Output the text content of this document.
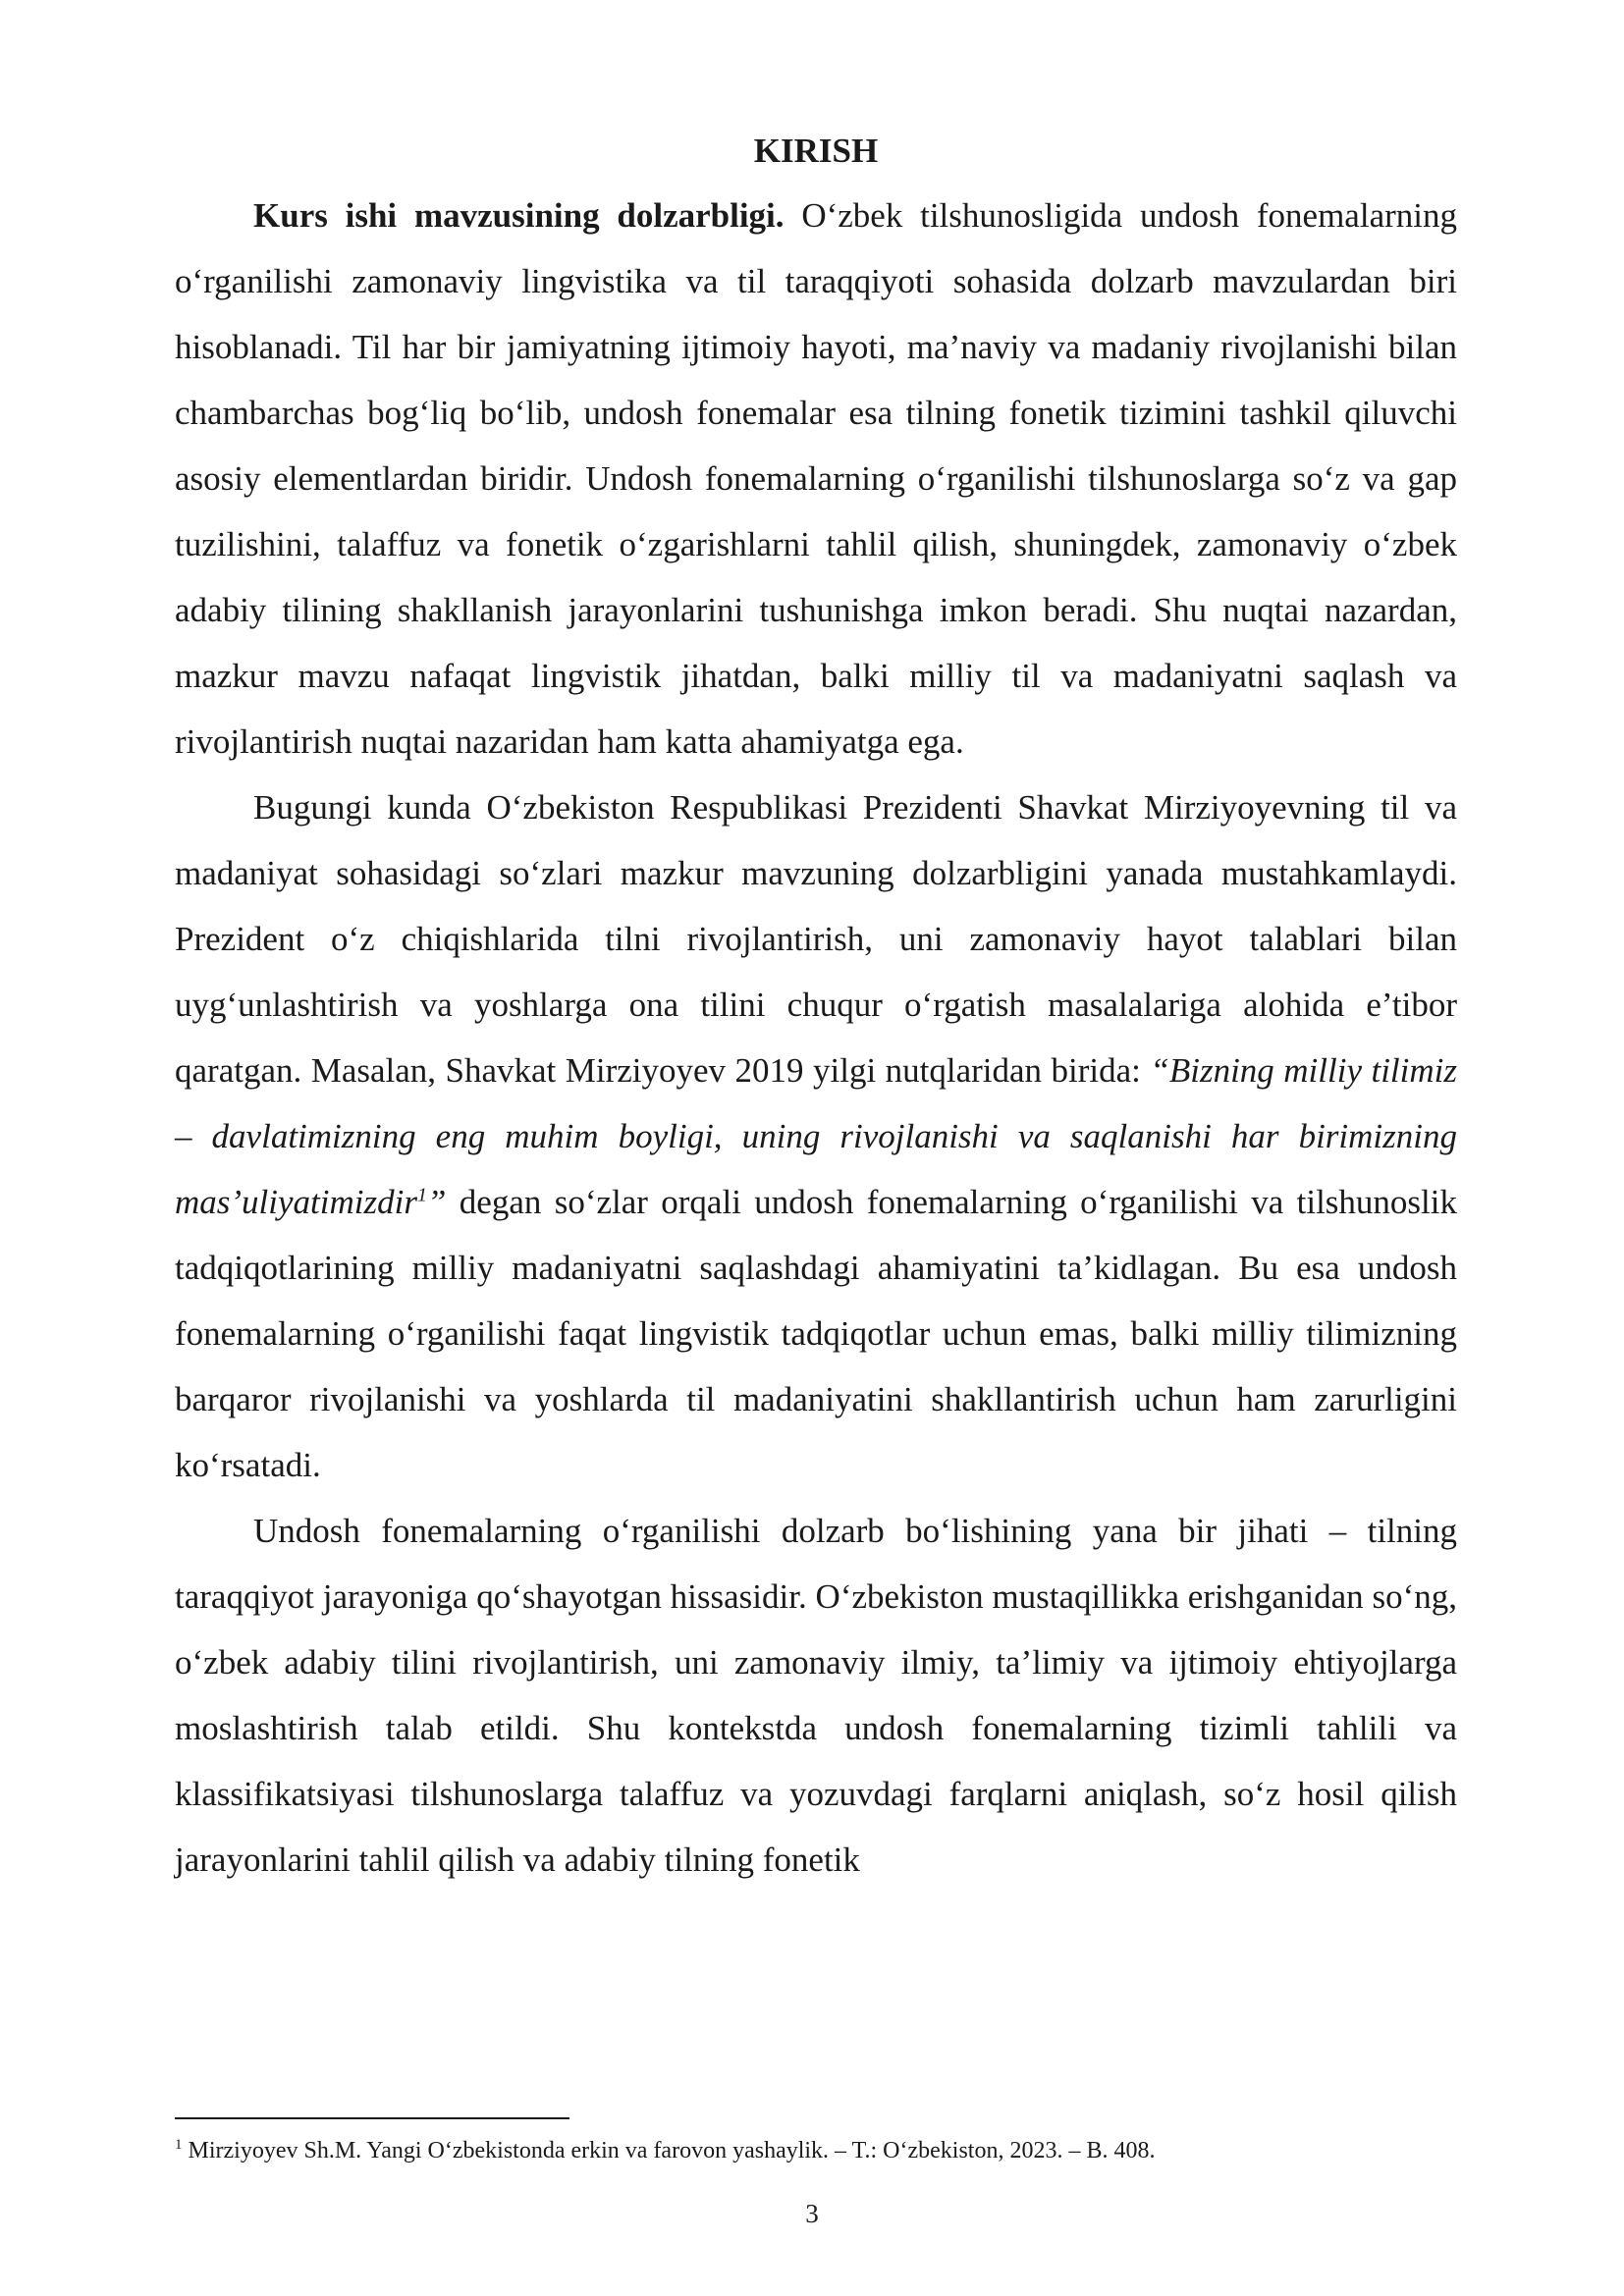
KIRISH

Kurs ishi mavzusining dolzarbligi. O‘zbek tilshunosligida undosh fonemalarning o‘rganilishi zamonaviy lingvistika va til taraqqiyoti sohasida dolzarb mavzulardan biri hisoblanadi. Til har bir jamiyatning ijtimoiy hayoti, ma’naviy va madaniy rivojlanishi bilan chambarchas bog‘liq bo‘lib, undosh fonemalar esa tilning fonetik tizimini tashkil qiluvchi asosiy elementlardan biridir. Undosh fonemalarning o‘rganilishi tilshunoslarga so‘z va gap tuzilishini, talaffuz va fonetik o‘zgarishlarni tahlil qilish, shuningdek, zamonaviy o‘zbek adabiy tilining shakllanish jarayonlarini tushunishga imkon beradi. Shu nuqtai nazardan, mazkur mavzu nafaqat lingvistik jihatdan, balki milliy til va madaniyatni saqlash va rivojlantirish nuqtai nazaridan ham katta ahamiyatga ega.

Bugungi kunda O‘zbekiston Respublikasi Prezidenti Shavkat Mirziyoyevning til va madaniyat sohasidagi so‘zlari mazkur mavzuning dolzarbligini yanada mustahkamlaydi. Prezident o‘z chiqishlarida tilni rivojlantirish, uni zamonaviy hayot talablari bilan uyg‘unlashtirish va yoshlarga ona tilini chuqur o‘rgatish masalalariga alohida e’tibor qaratgan. Masalan, Shavkat Mirziyoyev 2019 yilgi nutqlaridan birida: “Bizning milliy tilimiz – davlatimizning eng muhim boyligi, uning rivojlanishi va saqlanishi har birimizning mas’uliyatimizdir$^1$” degan so‘zlar orqali undosh fonemalarning o‘rganilishi va tilshunoslik tadqiqotlarining milliy madaniyatni saqlashdagi ahamiyatini ta’kidlagan. Bu esa undosh fonemalarning o‘rganilishi faqat lingvistik tadqiqotlar uchun emas, balki milliy tilimizning barqaror rivojlanishi va yoshlarda til madaniyatini shakllantirish uchun ham zarurligini ko‘rsatadi.

Undosh fonemalarning o‘rganilishi dolzarb bo‘lishining yana bir jihati – tilning taraqqiyot jarayoniga qo‘shayotgan hissasidir. O‘zbekiston mustaqillikka erishganidan so‘ng, o‘zbek adabiy tilini rivojlantirish, uni zamonaviy ilmiy, ta’limiy va ijtimoiy ehtiyojlarga moslashtirish talab etildi. Shu kontekstda undosh fonemalarning tizimli tahlili va klassifikatsiyasi tilshunoslarga talaffuz va yozuvdagi farqlarni aniqlash, so‘z hosil qilish jarayonlarini tahlil qilish va adabiy tilning fonetik

$^1$ Mirziyoyev Sh.M. Yangi O‘zbekistonda erkin va farovon yashaylik. – T.: O‘zbekiston, 2023. – B. 408.

3
